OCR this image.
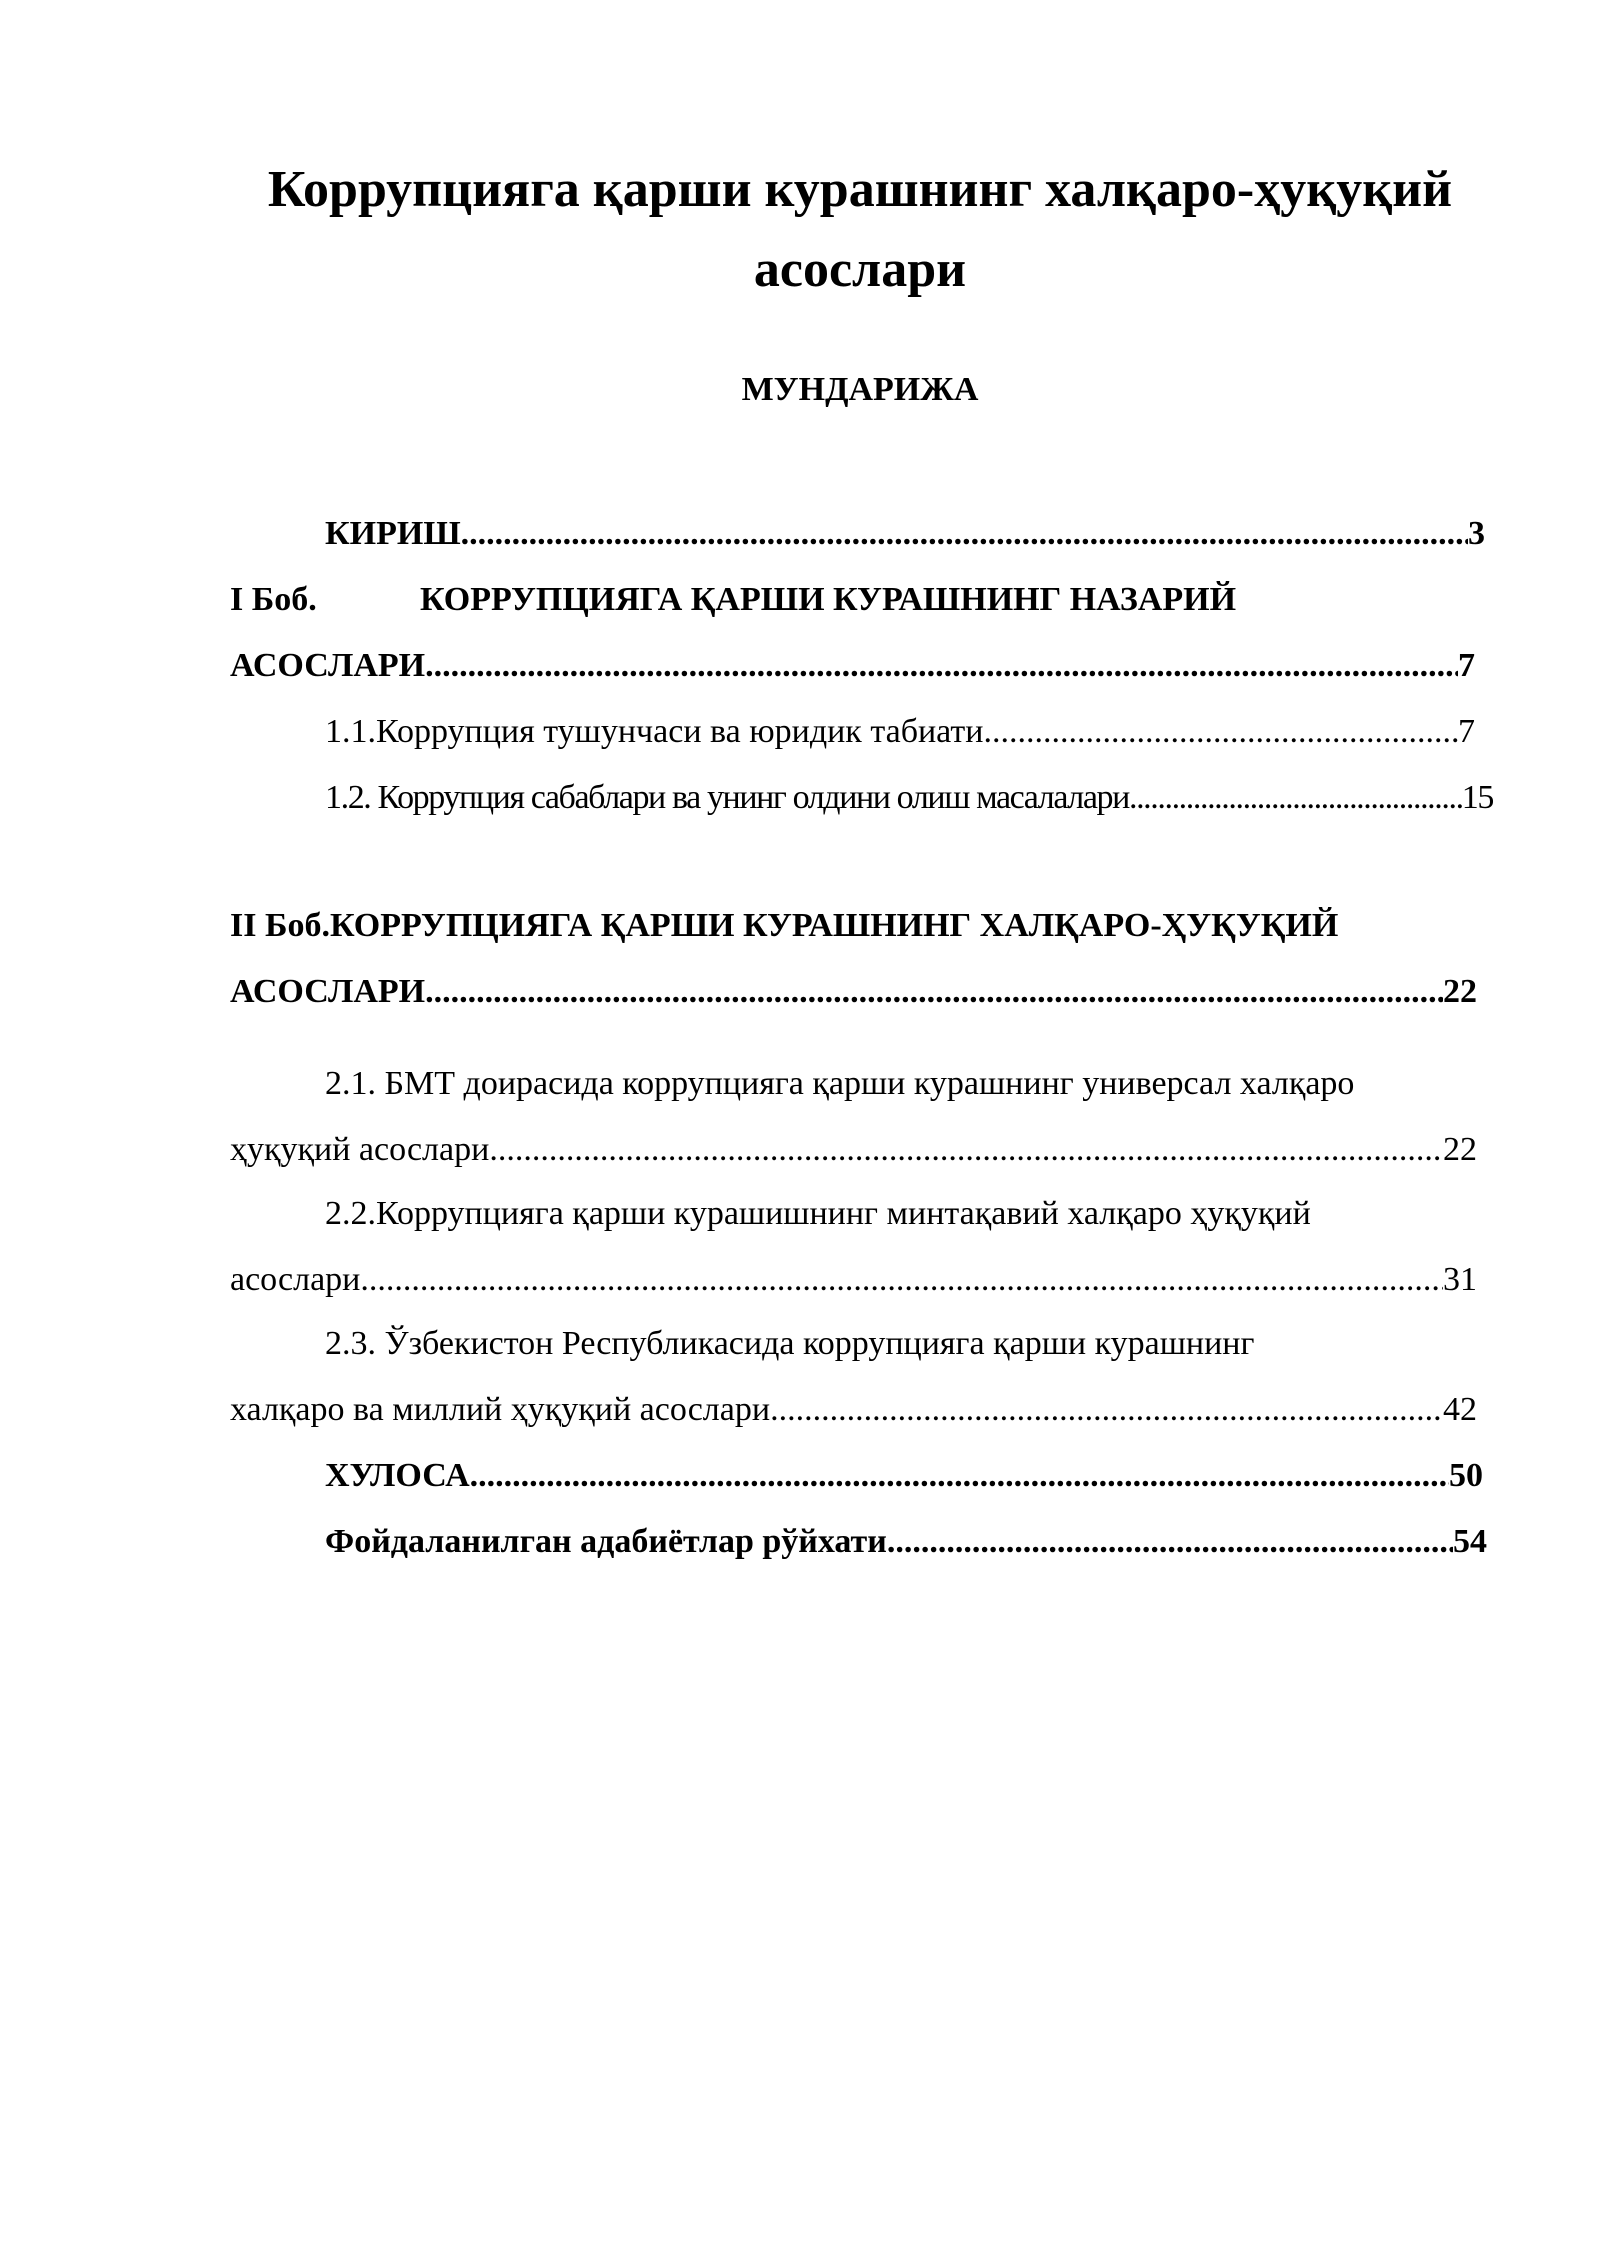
Коррупцияга қарши курашнинг халқаро-ҳуқуқий
асослари
МУНДАРИЖА
КИРИШ .....	3
I Боб.	КОРРУПЦИЯГА ҚАРШИ КУРАШНИНГ НАЗАРИЙ
АСОСЛАРИ .....	7
1.1.Коррупция тушунчаси ва юридик табиати .....	7
1.2. Коррупция сабаблари ва унинг олдини олиш масалалари .....	15
II Боб.КОРРУПЦИЯГА ҚАРШИ КУРАШНИНГ ХАЛҚАРО-ҲУҚУҚИЙ
АСОСЛАРИ .....	22
2.1. БМТ доирасида коррупцияга қарши курашнинг универсал халқаро
ҳуқуқий асослари .....	22
2.2.Коррупцияга қарши курашишнинг минтақавий халқаро ҳуқуқий
асослари .....	31
2.3. Ўзбекистон Республикасида коррупцияга қарши курашнинг
халқаро ва миллий ҳуқуқий асослари .....	42
ХУЛОСА .....	50
Фойдаланилган адабиётлар рўйхати .....	54
